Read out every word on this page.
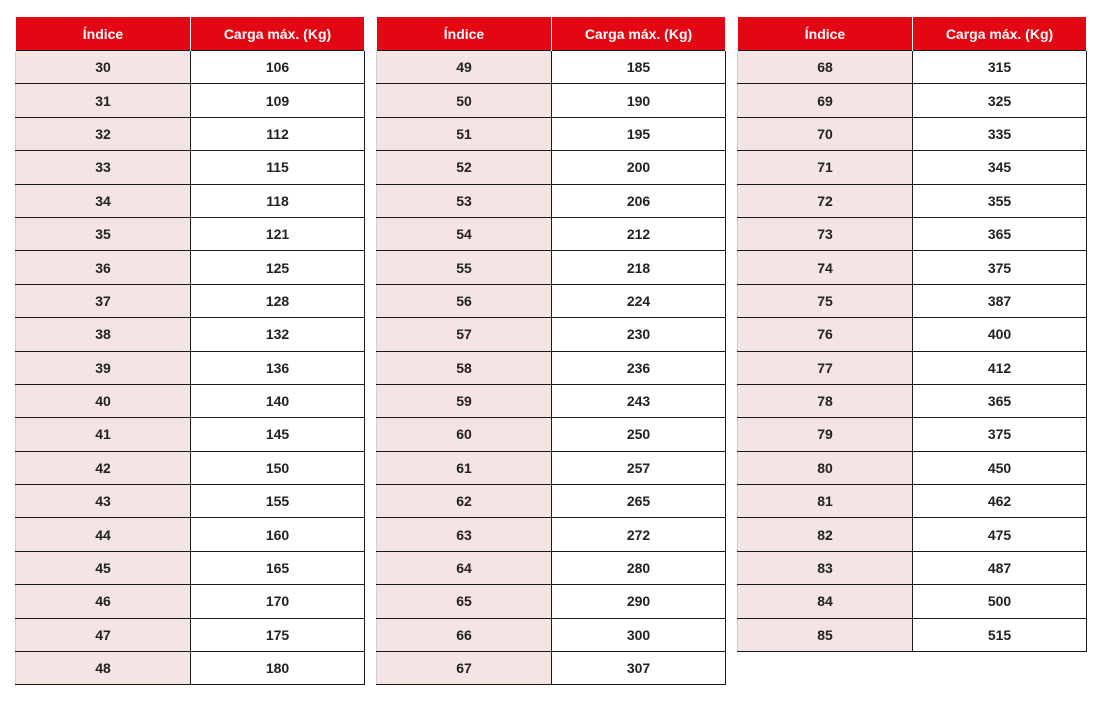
Índice	Carga máx. (Kg)
30	106
31	109
32	112
33	115
34	118
35	121
36	125
37	128
38	132
39	136
40	140
41	145
42	150
43	155
44	160
45	165
46	170
47	175
48	180
Índice	Carga máx. (Kg)
49	185
50	190
51	195
52	200
53	206
54	212
55	218
56	224
57	230
58	236
59	243
60	250
61	257
62	265
63	272
64	280
65	290
66	300
67	307
Índice	Carga máx. (Kg)
68	315
69	325
70	335
71	345
72	355
73	365
74	375
75	387
76	400
77	412
78	365
79	375
80	450
81	462
82	475
83	487
84	500
85	515
